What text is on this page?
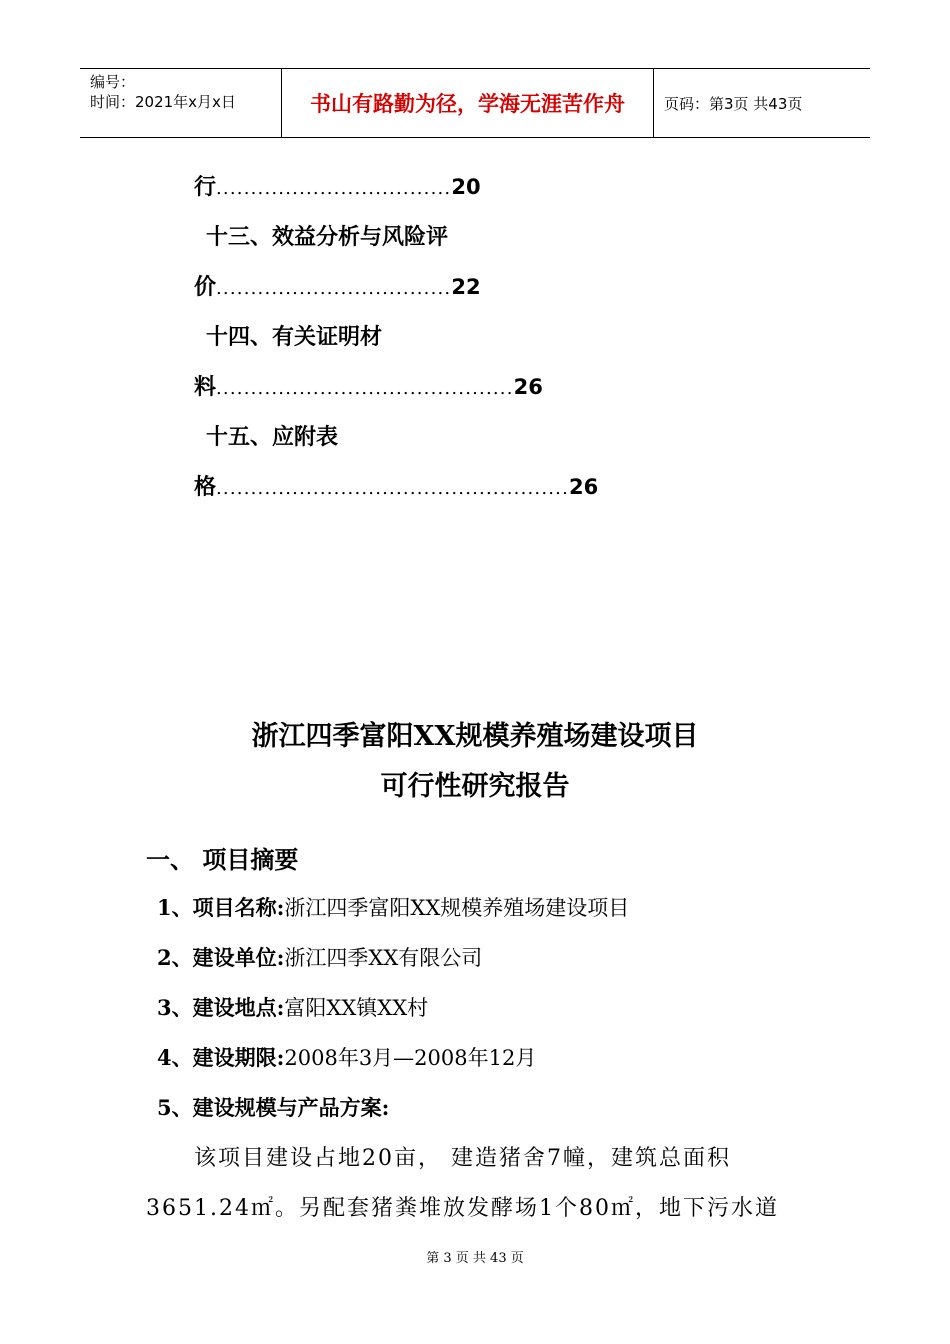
编号：
时间：2021年x月x日	书山有路勤为径，学海无涯苦作舟	页码：第3页 共43页
行..................................20
十三、效益分析与风险评
价..................................22
十四、有关证明材
料...........................................26
十五、应附表
格...................................................26
浙江四季富阳XX规模养殖场建设项目
可行性研究报告
一、 项目摘要
1、项目名称:浙江四季富阳XX规模养殖场建设项目
2、建设单位:浙江四季XX有限公司
3、建设地点:富阳XX镇XX村
4、建设期限:2008年3月—2008年12月
5、建设规模与产品方案:
该项目建设占地20亩， 建造猪舍7幢，建筑总面积
3651.24㎡。另配套猪粪堆放发酵场1个80㎡，地下污水道
第 3 页 共 43 页
